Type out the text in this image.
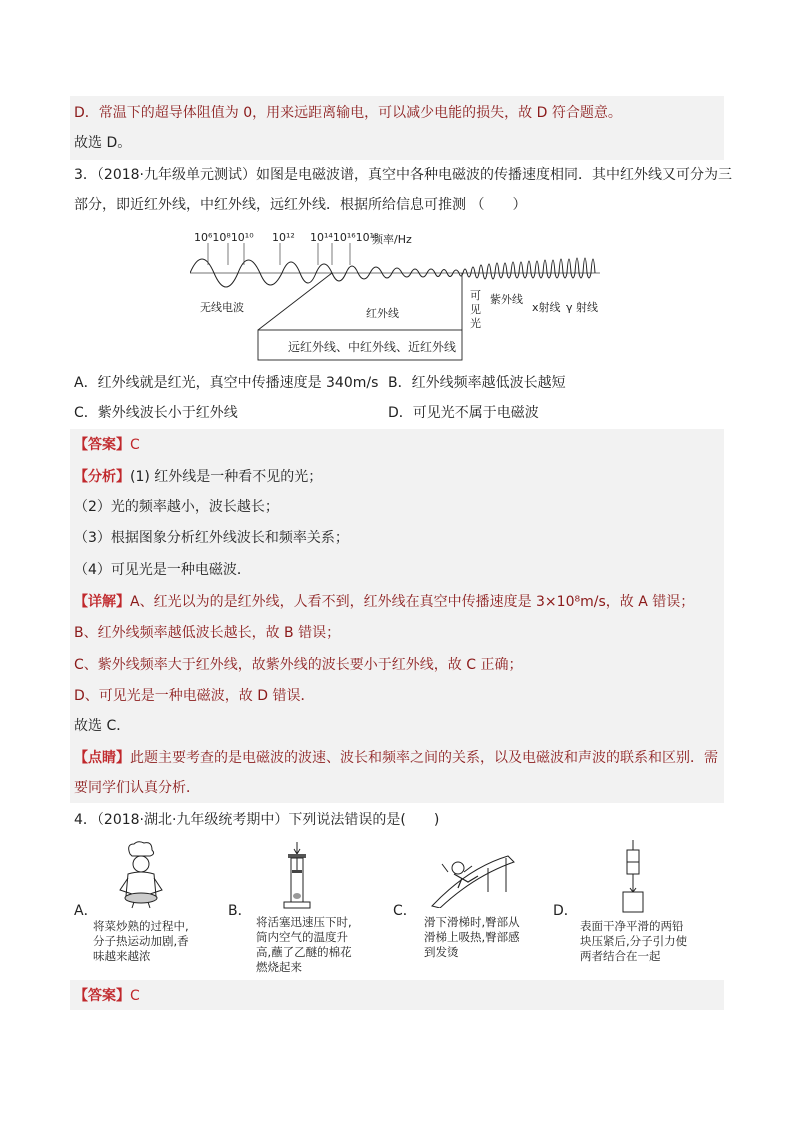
D．常温下的超导体阻值为 0，用来远距离输电，可以减少电能的损失，故 D 符合题意。
故选 D。
3．（2018·九年级单元测试）如图是电磁波谱，真空中各种电磁波的传播速度相同．其中红外线又可分为三
部分，即近红外线，中红外线，远红外线．根据所给信息可推测 （　　）
10⁶10⁸10¹⁰ 10¹² 10¹⁴10¹⁶10¹⁸
频率/Hz
无线电波	红外线
可
见
光
紫外线
x射线 γ 射线
远红外线、中红外线、近红外线
A．红外线就是红光，真空中传播速度是 340m/s B．红外线频率越低波长越短
C．紫外线波长小于红外线	D．可见光不属于电磁波
【答案】C
【分析】(1) 红外线是一种看不见的光；
（2）光的频率越小，波长越长；
（3）根据图象分析红外线波长和频率关系；
（4）可见光是一种电磁波．
【详解】A、红光以为的是红外线，人看不到，红外线在真空中传播速度是 3×10⁸m/s，故 A 错误；
B、红外线频率越低波长越长，故 B 错误；
C、紫外线频率大于红外线，故紫外线的波长要小于红外线，故 C 正确；
D、可见光是一种电磁波，故 D 错误．
故选 C．
【点睛】此题主要考查的是电磁波的波速、波长和频率之间的关系，以及电磁波和声波的联系和区别．需
要同学们认真分析．
4．（2018·湖北·九年级统考期中）下列说法错误的是(　　)
A．
将菜炒熟的过程中,
分子热运动加剧,香
味越来越浓
B．
将活塞迅速压下时,
筒内空气的温度升
高,蘸了乙醚的棉花
燃烧起来
C．
滑下滑梯时,臀部从
滑梯上吸热,臀部感
到发烫
D．
表面干净平滑的两铅
块压紧后,分子引力使
两者结合在一起
【答案】C
